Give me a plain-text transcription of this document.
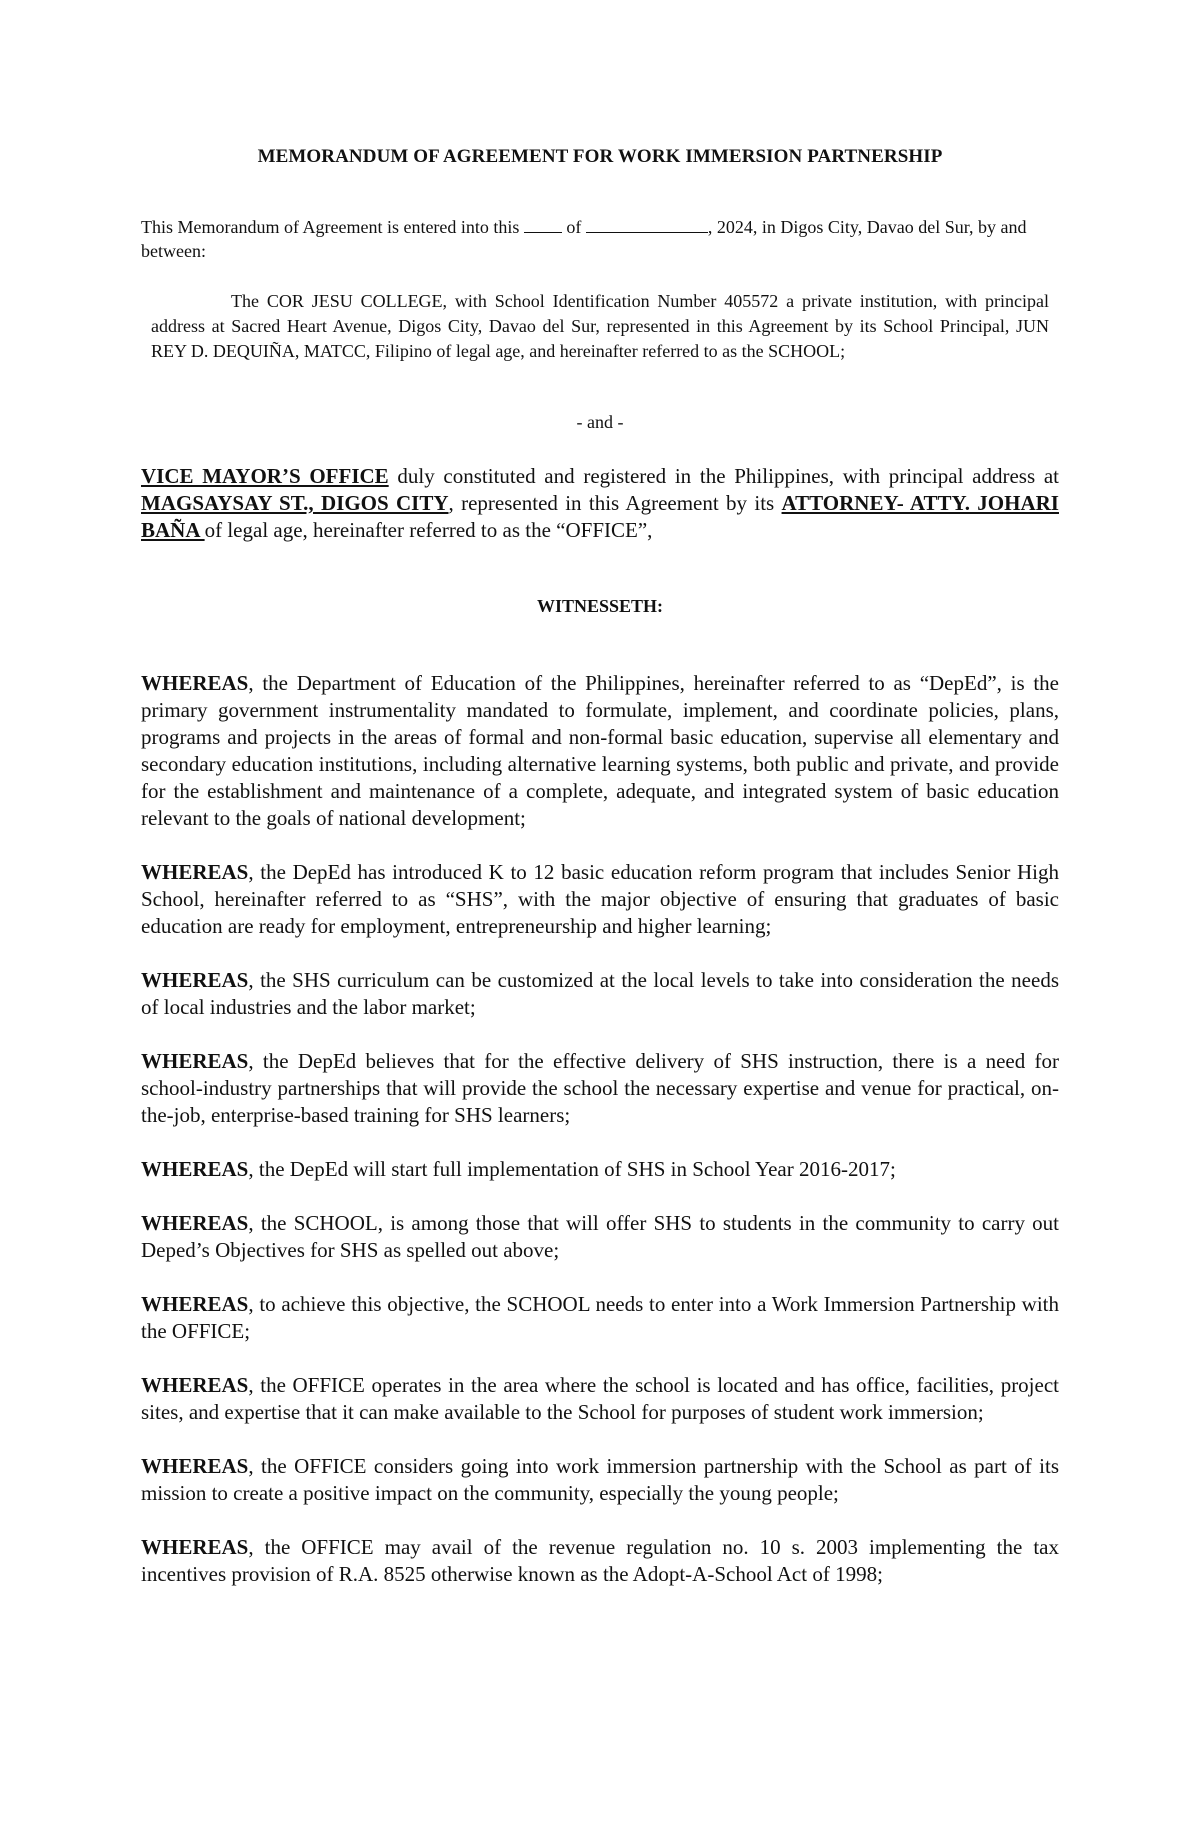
MEMORANDUM OF AGREEMENT FOR WORK IMMERSION PARTNERSHIP
This Memorandum of Agreement is entered into this  of	, 2024, in Digos City, Davao del Sur, by and between:
The COR JESU COLLEGE, with School Identification Number 405572 a private institution, with principal address at Sacred Heart Avenue, Digos City, Davao del Sur, represented in this Agreement by its School Principal, JUN REY D. DEQUIÑA, MATCC, Filipino of legal age, and hereinafter referred to as the SCHOOL;
- and -
VICE MAYOR’S OFFICE duly constituted and registered in the Philippines, with principal address at MAGSAYSAY ST., DIGOS CITY, represented in this Agreement by its ATTORNEY- ATTY. JOHARI BAÑA of legal age, hereinafter referred to as the “OFFICE”,
WITNESSETH:
WHEREAS, the Department of Education of the Philippines, hereinafter referred to as “DepEd”, is the primary government instrumentality mandated to formulate, implement, and coordinate policies, plans, programs and projects in the areas of formal and non-formal basic education, supervise all elementary and secondary education institutions, including alternative learning systems, both public and private, and provide for the establishment and maintenance of a complete, adequate, and integrated system of basic education relevant to the goals of national development;
WHEREAS, the DepEd has introduced K to 12 basic education reform program that includes Senior High School, hereinafter referred to as “SHS”, with the major objective of ensuring that graduates of basic education are ready for employment, entrepreneurship and higher learning;
WHEREAS, the SHS curriculum can be customized at the local levels to take into consideration the needs of local industries and the labor market;
WHEREAS, the DepEd believes that for the effective delivery of SHS instruction, there is a need for school-industry partnerships that will provide the school the necessary expertise and venue for practical, on-the-job, enterprise-based training for SHS learners;
WHEREAS, the DepEd will start full implementation of SHS in School Year 2016-2017;
WHEREAS, the SCHOOL, is among those that will offer SHS to students in the community to carry out Deped’s Objectives for SHS as spelled out above;
WHEREAS, to achieve this objective, the SCHOOL needs to enter into a Work Immersion Partnership with the OFFICE;
WHEREAS, the OFFICE operates in the area where the school is located and has office, facilities, project sites, and expertise that it can make available to the School for purposes of student work immersion;
WHEREAS, the OFFICE considers going into work immersion partnership with the School as part of its mission to create a positive impact on the community, especially the young people;
WHEREAS, the OFFICE may avail of the revenue regulation no. 10 s. 2003 implementing the tax incentives provision of R.A. 8525 otherwise known as the Adopt-A-School Act of 1998;
